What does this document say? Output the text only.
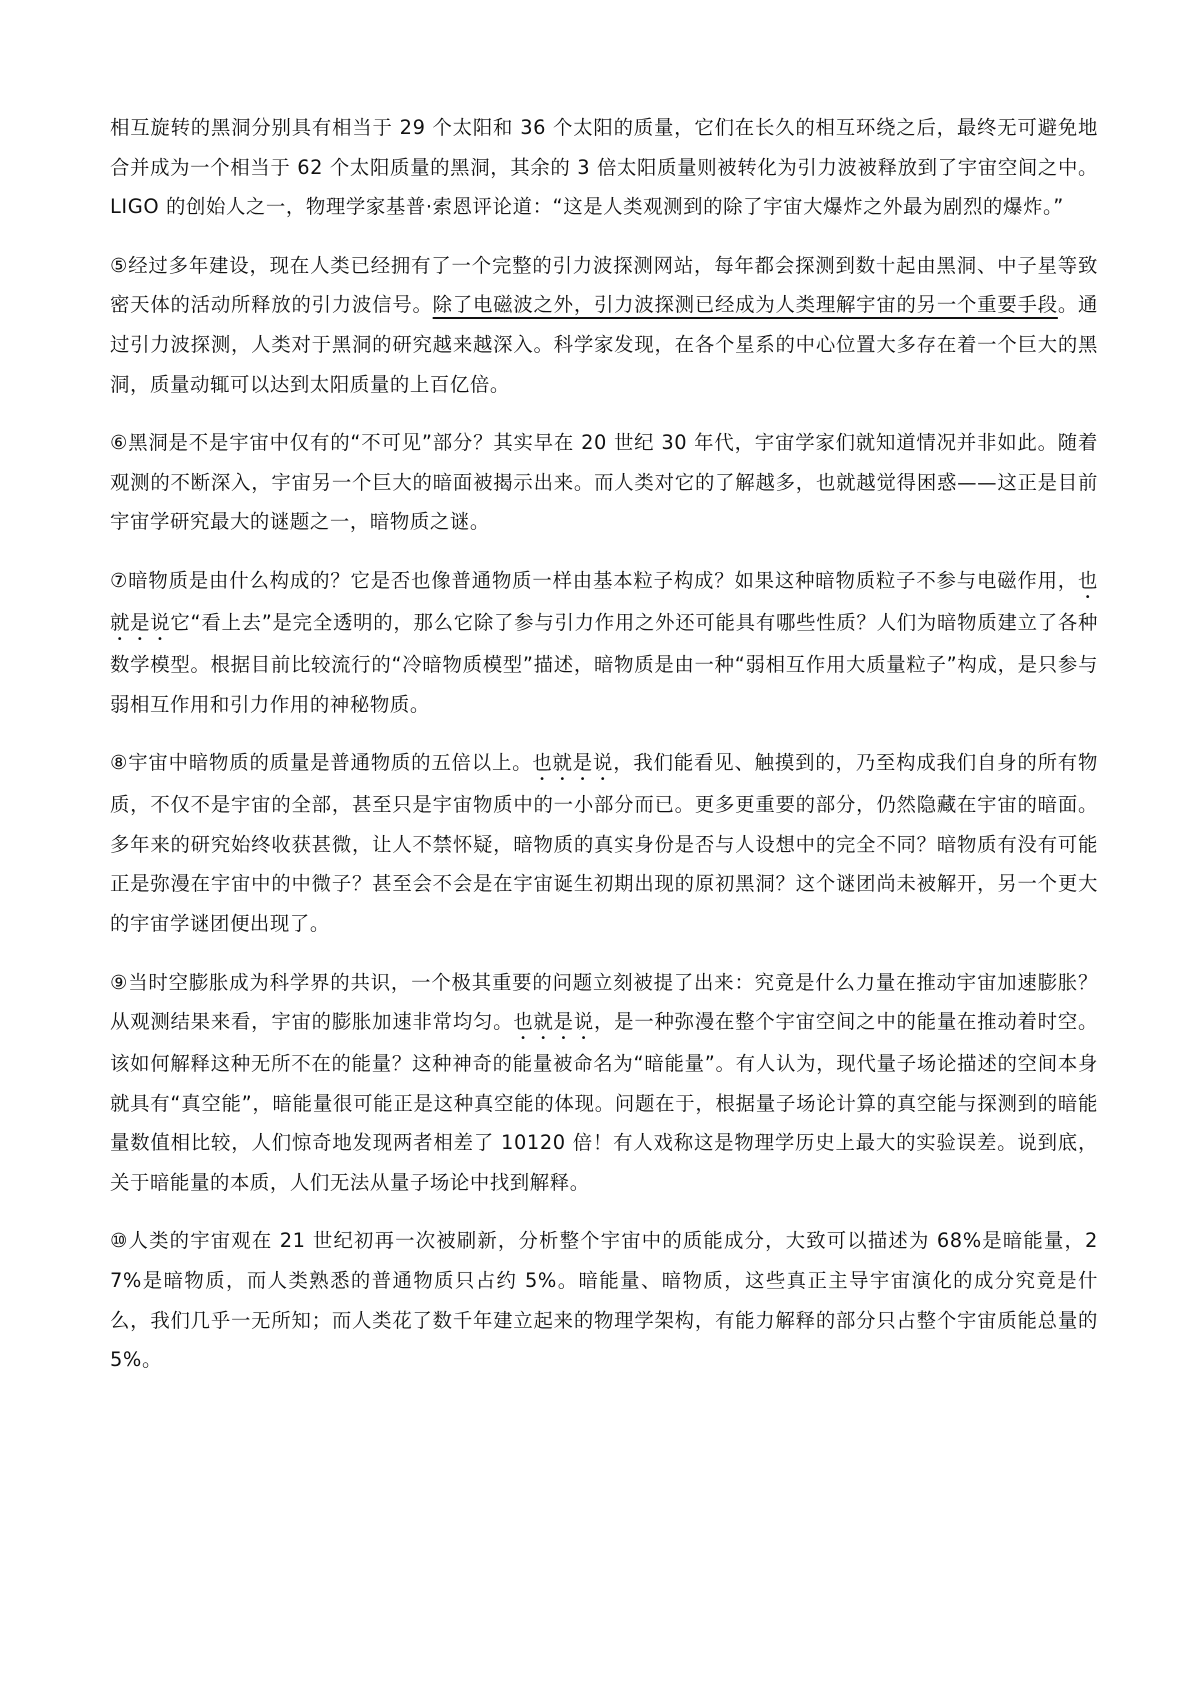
相互旋转的黑洞分别具有相当于 29 个太阳和 36 个太阳的质量，它们在长久的相互环绕之后，最终无可避免地合并成为一个相当于 62 个太阳质量的黑洞，其余的 3 倍太阳质量则被转化为引力波被释放到了宇宙空间之中。LIGO 的创始人之一，物理学家基普·索恩评论道：“这是人类观测到的除了宇宙大爆炸之外最为剧烈的爆炸。”

⑤经过多年建设，现在人类已经拥有了一个完整的引力波探测网站，每年都会探测到数十起由黑洞、中子星等致密天体的活动所释放的引力波信号。除了电磁波之外，引力波探测已经成为人类理解宇宙的另一个重要手段。通过引力波探测，人类对于黑洞的研究越来越深入。科学家发现，在各个星系的中心位置大多存在着一个巨大的黑洞，质量动辄可以达到太阳质量的上百亿倍。

⑥黑洞是不是宇宙中仅有的“不可见”部分？其实早在 20 世纪 30 年代，宇宙学家们就知道情况并非如此。随着观测的不断深入，宇宙另一个巨大的暗面被揭示出来。而人类对它的了解越多，也就越觉得困惑——这正是目前宇宙学研究最大的谜题之一，暗物质之谜。

⑦暗物质是由什么构成的？它是否也像普通物质一样由基本粒子构成？如果这种暗物质粒子不参与电磁作用，也就是说它“看上去”是完全透明的，那么它除了参与引力作用之外还可能具有哪些性质？人们为暗物质建立了各种数学模型。根据目前比较流行的“冷暗物质模型”描述，暗物质是由一种“弱相互作用大质量粒子”构成，是只参与弱相互作用和引力作用的神秘物质。

⑧宇宙中暗物质的质量是普通物质的五倍以上。也就是说，我们能看见、触摸到的，乃至构成我们自身的所有物质，不仅不是宇宙的全部，甚至只是宇宙物质中的一小部分而已。更多更重要的部分，仍然隐藏在宇宙的暗面。多年来的研究始终收获甚微，让人不禁怀疑，暗物质的真实身份是否与人设想中的完全不同？暗物质有没有可能正是弥漫在宇宙中的中微子？甚至会不会是在宇宙诞生初期出现的原初黑洞？这个谜团尚未被解开，另一个更大的宇宙学谜团便出现了。

⑨当时空膨胀成为科学界的共识，一个极其重要的问题立刻被提了出来：究竟是什么力量在推动宇宙加速膨胀？从观测结果来看，宇宙的膨胀加速非常均匀。也就是说，是一种弥漫在整个宇宙空间之中的能量在推动着时空。该如何解释这种无所不在的能量？这种神奇的能量被命名为“暗能量”。有人认为，现代量子场论描述的空间本身就具有“真空能”，暗能量很可能正是这种真空能的体现。问题在于，根据量子场论计算的真空能与探测到的暗能量数值相比较，人们惊奇地发现两者相差了 10120 倍！有人戏称这是物理学历史上最大的实验误差。说到底，关于暗能量的本质，人们无法从量子场论中找到解释。

⑩人类的宇宙观在 21 世纪初再一次被刷新，分析整个宇宙中的质能成分，大致可以描述为 68%是暗能量，27%是暗物质，而人类熟悉的普通物质只占约 5%。暗能量、暗物质，这些真正主导宇宙演化的成分究竟是什么，我们几乎一无所知；而人类花了数千年建立起来的物理学架构，有能力解释的部分只占整个宇宙质能总量的 5%。
